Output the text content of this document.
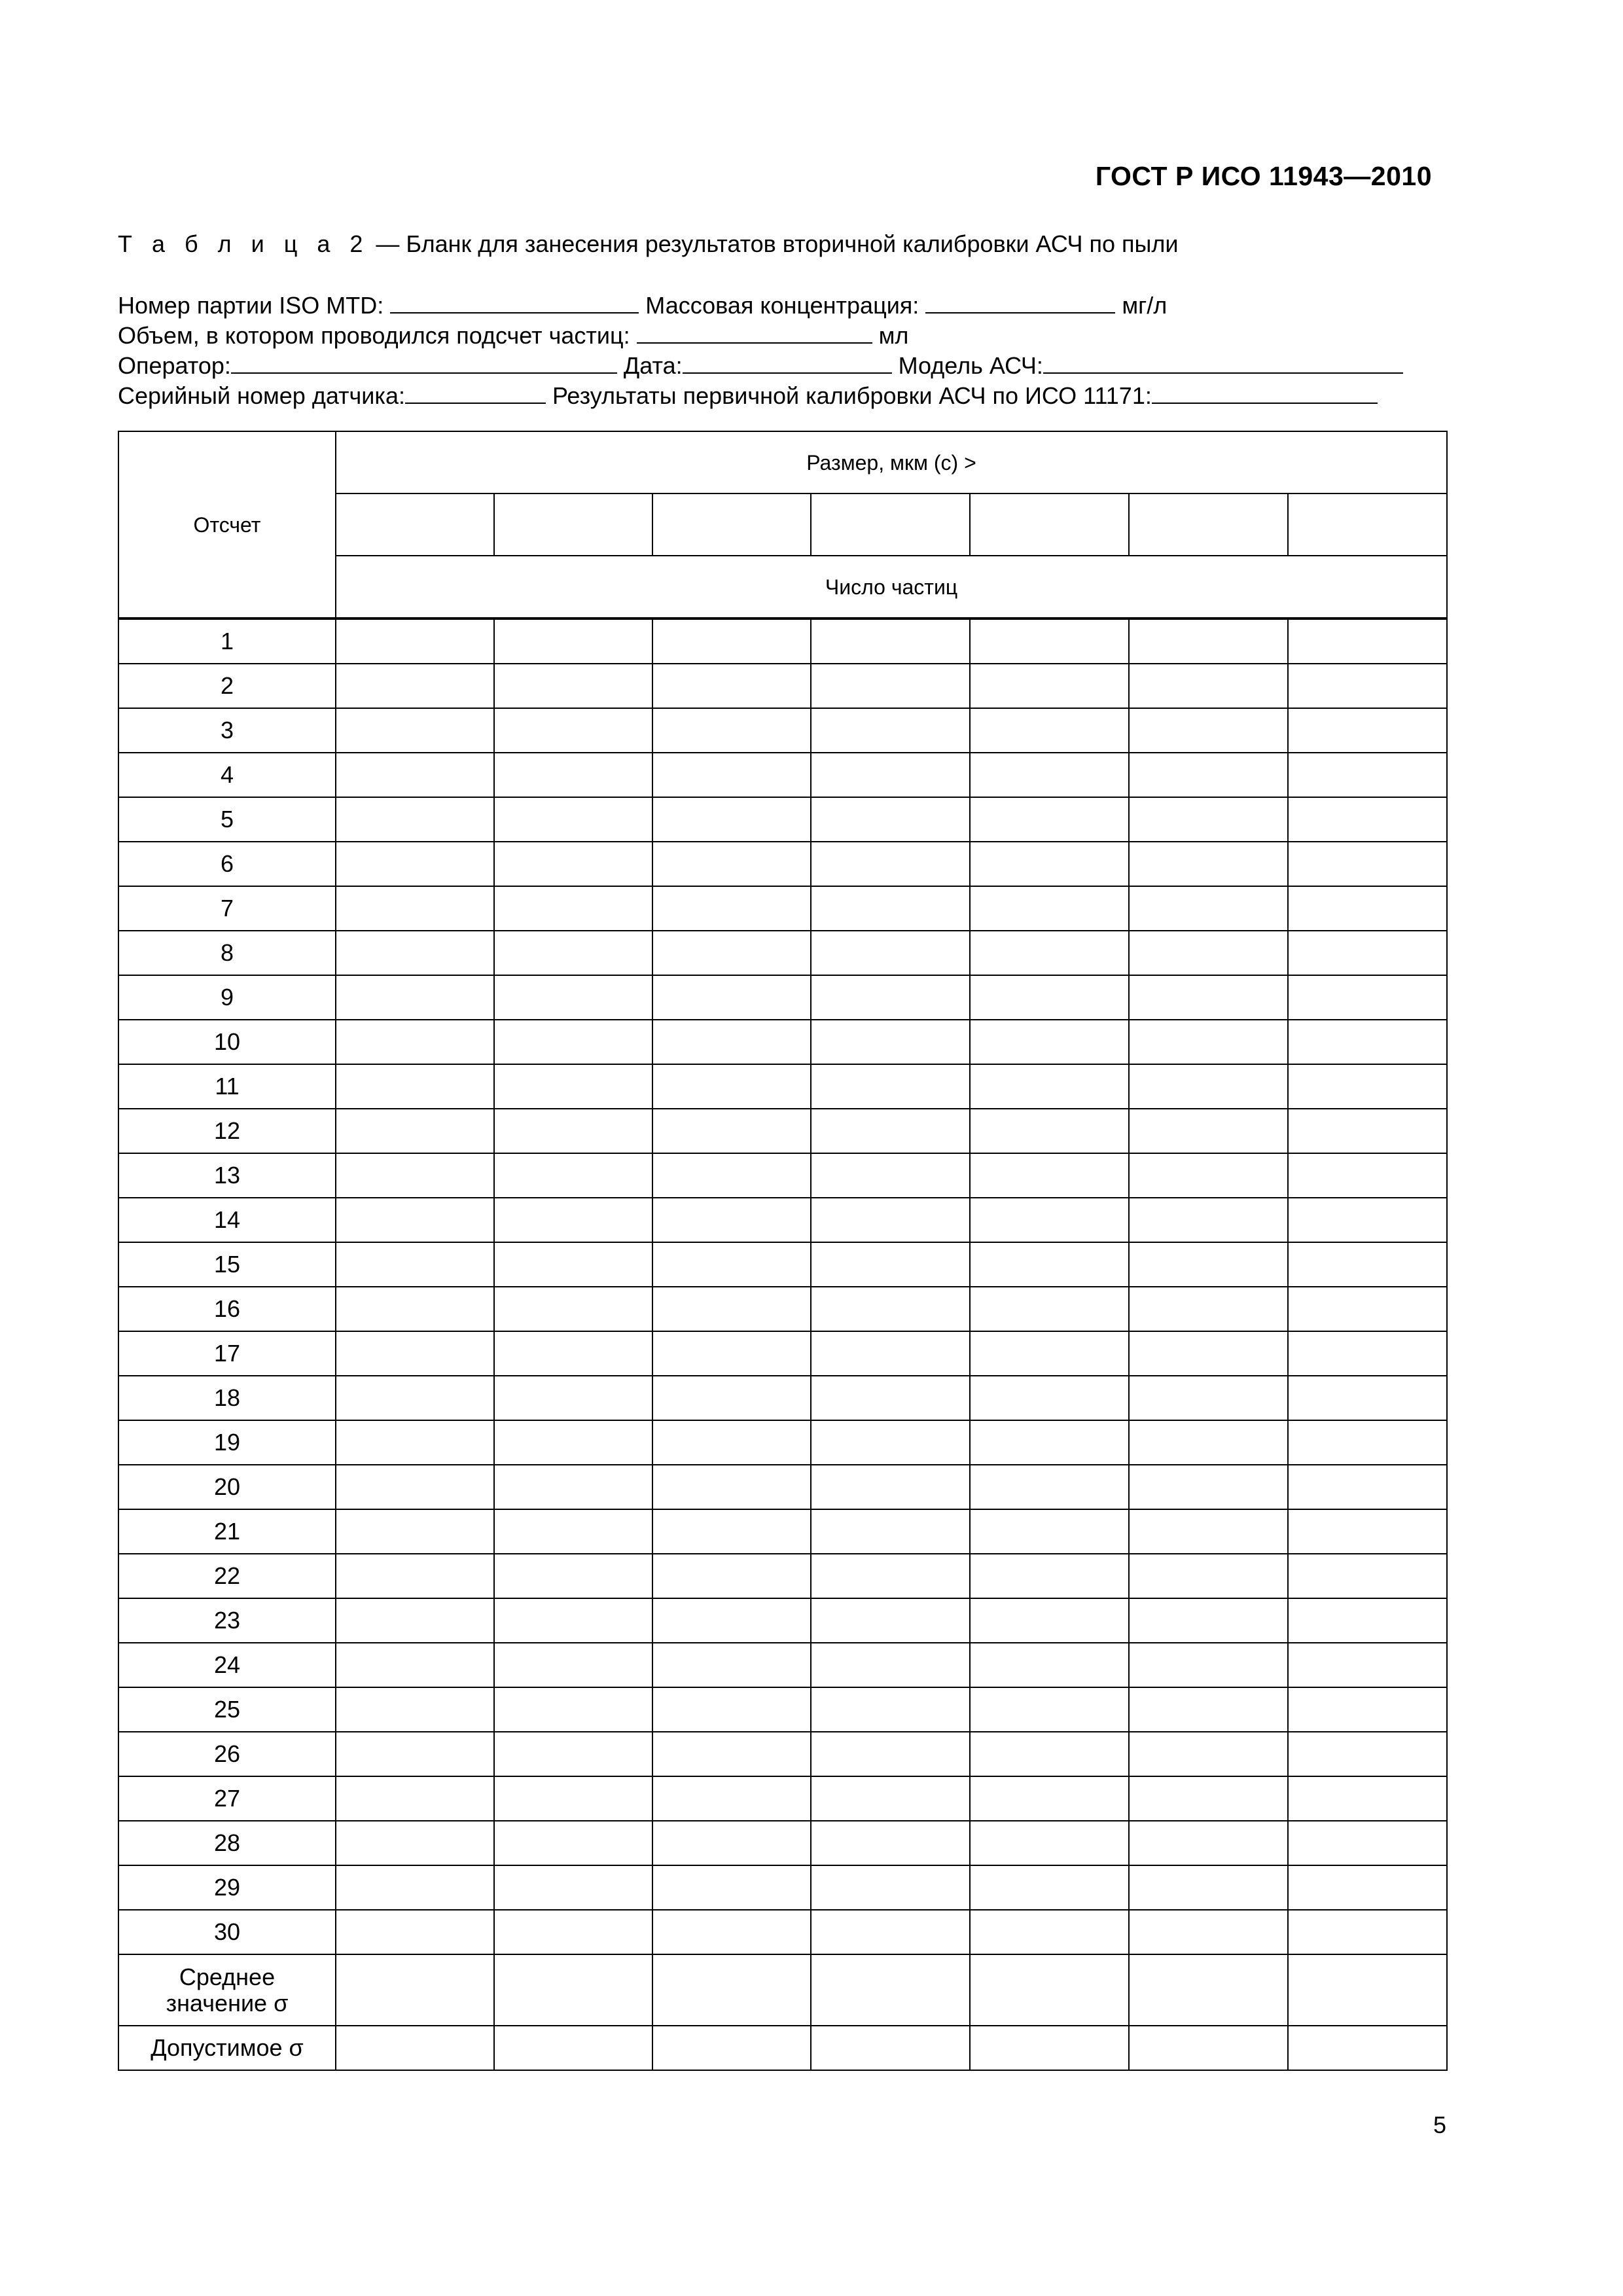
ГОСТ Р ИСО 11943—2010
Т а б л и ц а 2 — Бланк для занесения результатов вторичной калибровки АСЧ по пыли
Номер партии ISO MTD:	Массовая концентрация:	мг/л
Объем, в котором проводился подсчет частиц:	мл
Оператор:	Дата:	Модель АСЧ:
Серийный номер датчика:	Результаты первичной калибровки АСЧ по ИСО 11171:
Отсчет	Размер, мкм (с) >						

	Число частиц						
1							
2							
3							
4							
5							
6							
7							
8							
9							
10							
11							
12							
13							
14							
15							
16							
17							
18							
19							
20							
21							
22							
23							
24							
25							
26							
27							
28							
29							
30							

Среднее
значение σ							

Допустимое σ							
5
